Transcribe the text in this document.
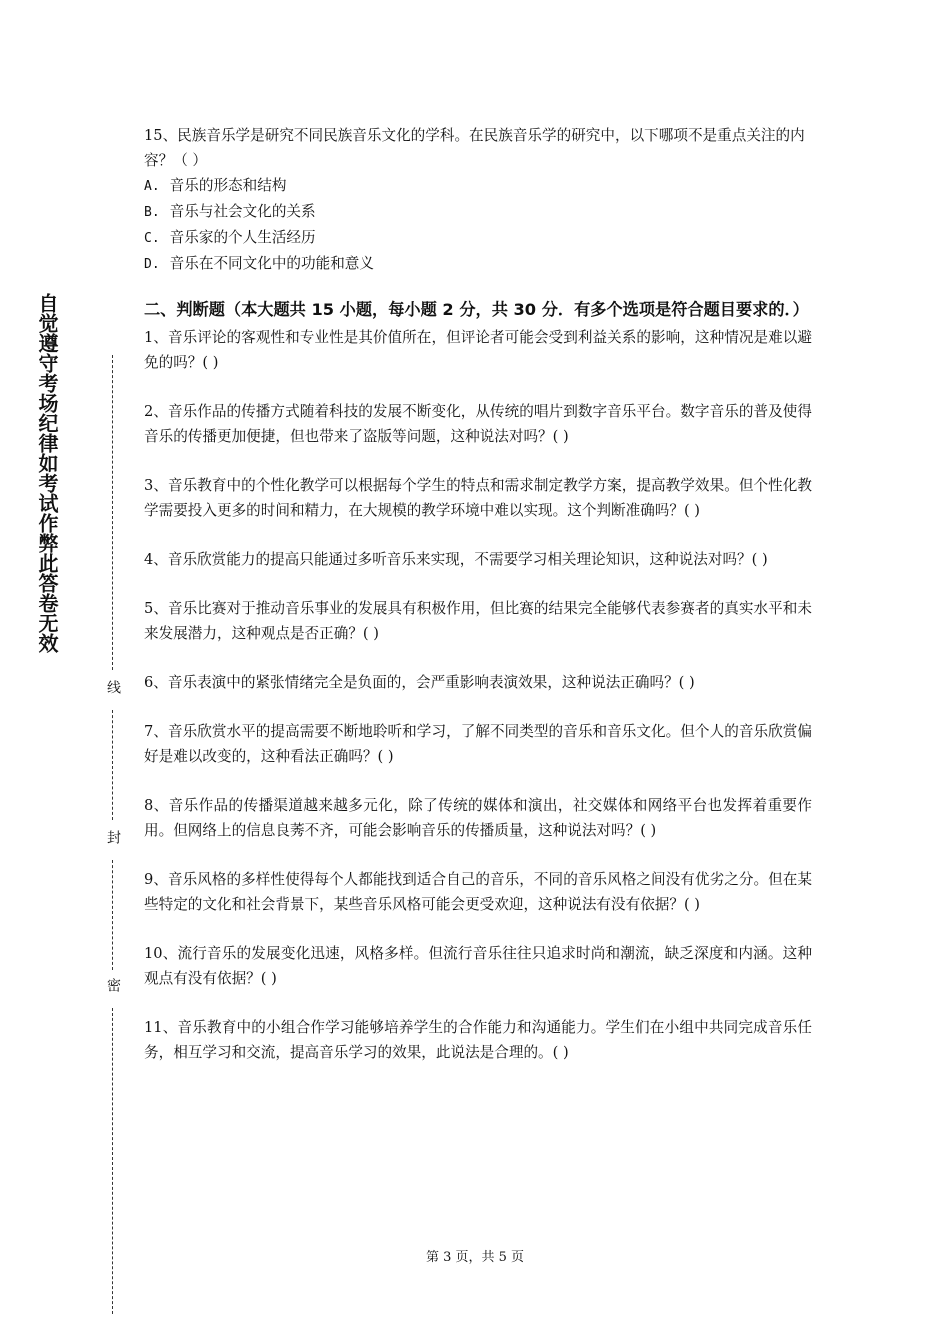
自觉遵守考场纪律如考试作弊此答卷无效
线
封
密

15、民族音乐学是研究不同民族音乐文化的学科。在民族音乐学的研究中，以下哪项不是重点关注的内容？（ ）

A. 音乐的形态和结构

B. 音乐与社会文化的关系

C. 音乐家的个人生活经历

D. 音乐在不同文化中的功能和意义

二、判断题（本大题共 15 小题，每小题 2 分，共 30 分．有多个选项是符合题目要求的．）
1、音乐评论的客观性和专业性是其价值所在，但评论者可能会受到利益关系的影响，这种情况是难以避免的吗？( )
2、音乐作品的传播方式随着科技的发展不断变化，从传统的唱片到数字音乐平台。数字音乐的普及使得音乐的传播更加便捷，但也带来了盗版等问题，这种说法对吗？( )
3、音乐教育中的个性化教学可以根据每个学生的特点和需求制定教学方案，提高教学效果。但个性化教学需要投入更多的时间和精力，在大规模的教学环境中难以实现。这个判断准确吗？( )
4、音乐欣赏能力的提高只能通过多听音乐来实现，不需要学习相关理论知识，这种说法对吗？( )
5、音乐比赛对于推动音乐事业的发展具有积极作用，但比赛的结果完全能够代表参赛者的真实水平和未来发展潜力，这种观点是否正确？( )
6、音乐表演中的紧张情绪完全是负面的，会严重影响表演效果，这种说法正确吗？( )
7、音乐欣赏水平的提高需要不断地聆听和学习，了解不同类型的音乐和音乐文化。但个人的音乐欣赏偏好是难以改变的，这种看法正确吗？( )
8、音乐作品的传播渠道越来越多元化，除了传统的媒体和演出，社交媒体和网络平台也发挥着重要作用。但网络上的信息良莠不齐，可能会影响音乐的传播质量，这种说法对吗？( )
9、音乐风格的多样性使得每个人都能找到适合自己的音乐，不同的音乐风格之间没有优劣之分。但在某些特定的文化和社会背景下，某些音乐风格可能会更受欢迎，这种说法有没有依据？( )
10、流行音乐的发展变化迅速，风格多样。但流行音乐往往只追求时尚和潮流，缺乏深度和内涵。这种观点有没有依据？( )
11、音乐教育中的小组合作学习能够培养学生的合作能力和沟通能力。学生们在小组中共同完成音乐任务，相互学习和交流，提高音乐学习的效果，此说法是合理的。( )
第 3 页，共 5 页
